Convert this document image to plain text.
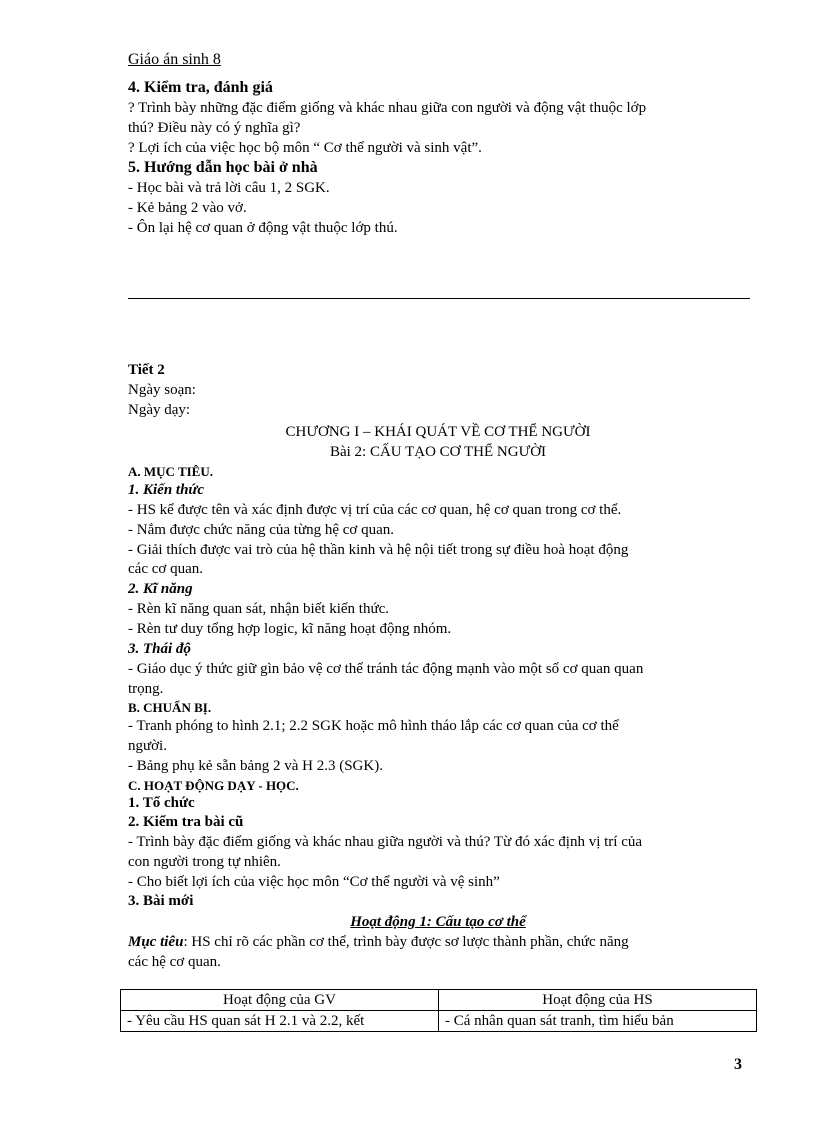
Giáo án sinh 8
4. Kiểm tra, đánh giá
? Trình bày những đặc điểm giống và khác nhau giữa con người và động vật thuộc lớp
thú? Điều này có ý nghĩa gì?
? Lợi ích của việc học bộ môn “ Cơ thể người và sinh vật”.
5. Hướng dẫn học bài ở nhà
- Học bài và trả lời câu 1, 2 SGK.
- Kẻ bảng 2 vào vở.
- Ôn lại hệ cơ quan ở động vật thuộc lớp thú.
Tiết 2
Ngày soạn:
Ngày dạy:
CHƯƠNG I – KHÁI QUÁT VỀ CƠ THỂ NGƯỜI
Bài 2: CẤU TẠO CƠ THỂ NGƯỜI
A. MỤC TIÊU.
1. Kiến thức
- HS kể được tên và xác định được vị trí của các cơ quan, hệ cơ quan trong cơ thể.
- Nắm được chức năng của từng hệ cơ quan.
- Giải thích được vai trò của hệ thần kinh và hệ nội tiết trong sự điều hoà hoạt động
các cơ quan.
2. Kĩ năng
- Rèn kĩ năng quan sát, nhận biết kiến thức.
- Rèn tư duy tổng hợp logic, kĩ năng hoạt động nhóm.
3. Thái độ
- Giáo dục ý thức giữ gìn bảo vệ cơ thể tránh tác động mạnh vào một số cơ quan quan
trọng.
B. CHUẨN BỊ.
- Tranh phóng to hình 2.1; 2.2 SGK hoặc mô hình tháo lắp các cơ quan của cơ thể
người.
- Bảng phụ kẻ sẵn bảng 2 và H 2.3 (SGK).
C. HOẠT ĐỘNG DẠY - HỌC.
1. Tổ chức
2. Kiểm tra bài cũ
- Trình bày đặc điểm giống và khác nhau giữa người và thú? Từ đó xác định vị trí của
con người trong tự nhiên.
- Cho biết lợi ích của việc học môn “Cơ thể người và vệ sinh”
3. Bài mới
Hoạt động 1: Cấu tạo cơ thể
Mục tiêu: HS chỉ rõ các phần cơ thể, trình bày được sơ lược thành phần, chức năng
các hệ cơ quan.
Hoạt động của GV	Hoạt động của HS
- Yêu cầu HS quan sát H 2.1 và 2.2, kết	- Cá nhân quan sát tranh, tìm hiểu bản
3
